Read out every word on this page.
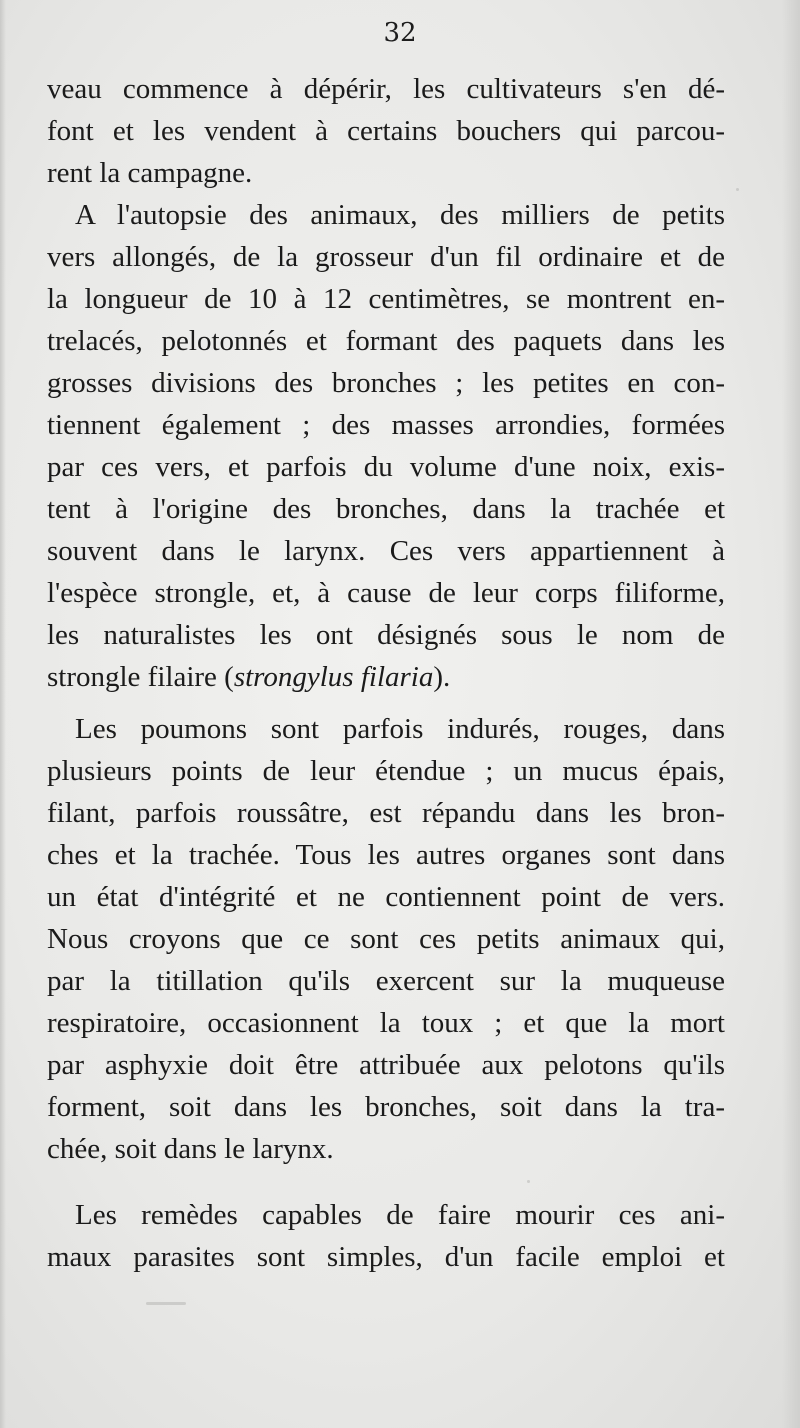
32
veau commence à dépérir, les cultivateurs s'en dé-
font et les vendent à certains bouchers qui parcou-
rent la campagne.
A l'autopsie des animaux, des milliers de petits
vers allongés, de la grosseur d'un fil ordinaire et de
la longueur de 10 à 12 centimètres, se montrent en-
trelacés, pelotonnés et formant des paquets dans les
grosses divisions des bronches ; les petites en con-
tiennent également ; des masses arrondies, formées
par ces vers, et parfois du volume d'une noix, exis-
tent à l'origine des bronches, dans la trachée et
souvent dans le larynx. Ces vers appartiennent à
l'espèce strongle, et, à cause de leur corps filiforme,
les naturalistes les ont désignés sous le nom de
strongle filaire (strongylus filaria).
Les poumons sont parfois indurés, rouges, dans
plusieurs points de leur étendue ; un mucus épais,
filant, parfois roussâtre, est répandu dans les bron-
ches et la trachée. Tous les autres organes sont dans
un état d'intégrité et ne contiennent point de vers.
Nous croyons que ce sont ces petits animaux qui,
par la titillation qu'ils exercent sur la muqueuse
respiratoire, occasionnent la toux ; et que la mort
par asphyxie doit être attribuée aux pelotons qu'ils
forment, soit dans les bronches, soit dans la tra-
chée, soit dans le larynx.
Les remèdes capables de faire mourir ces ani-
maux parasites sont simples, d'un facile emploi et
